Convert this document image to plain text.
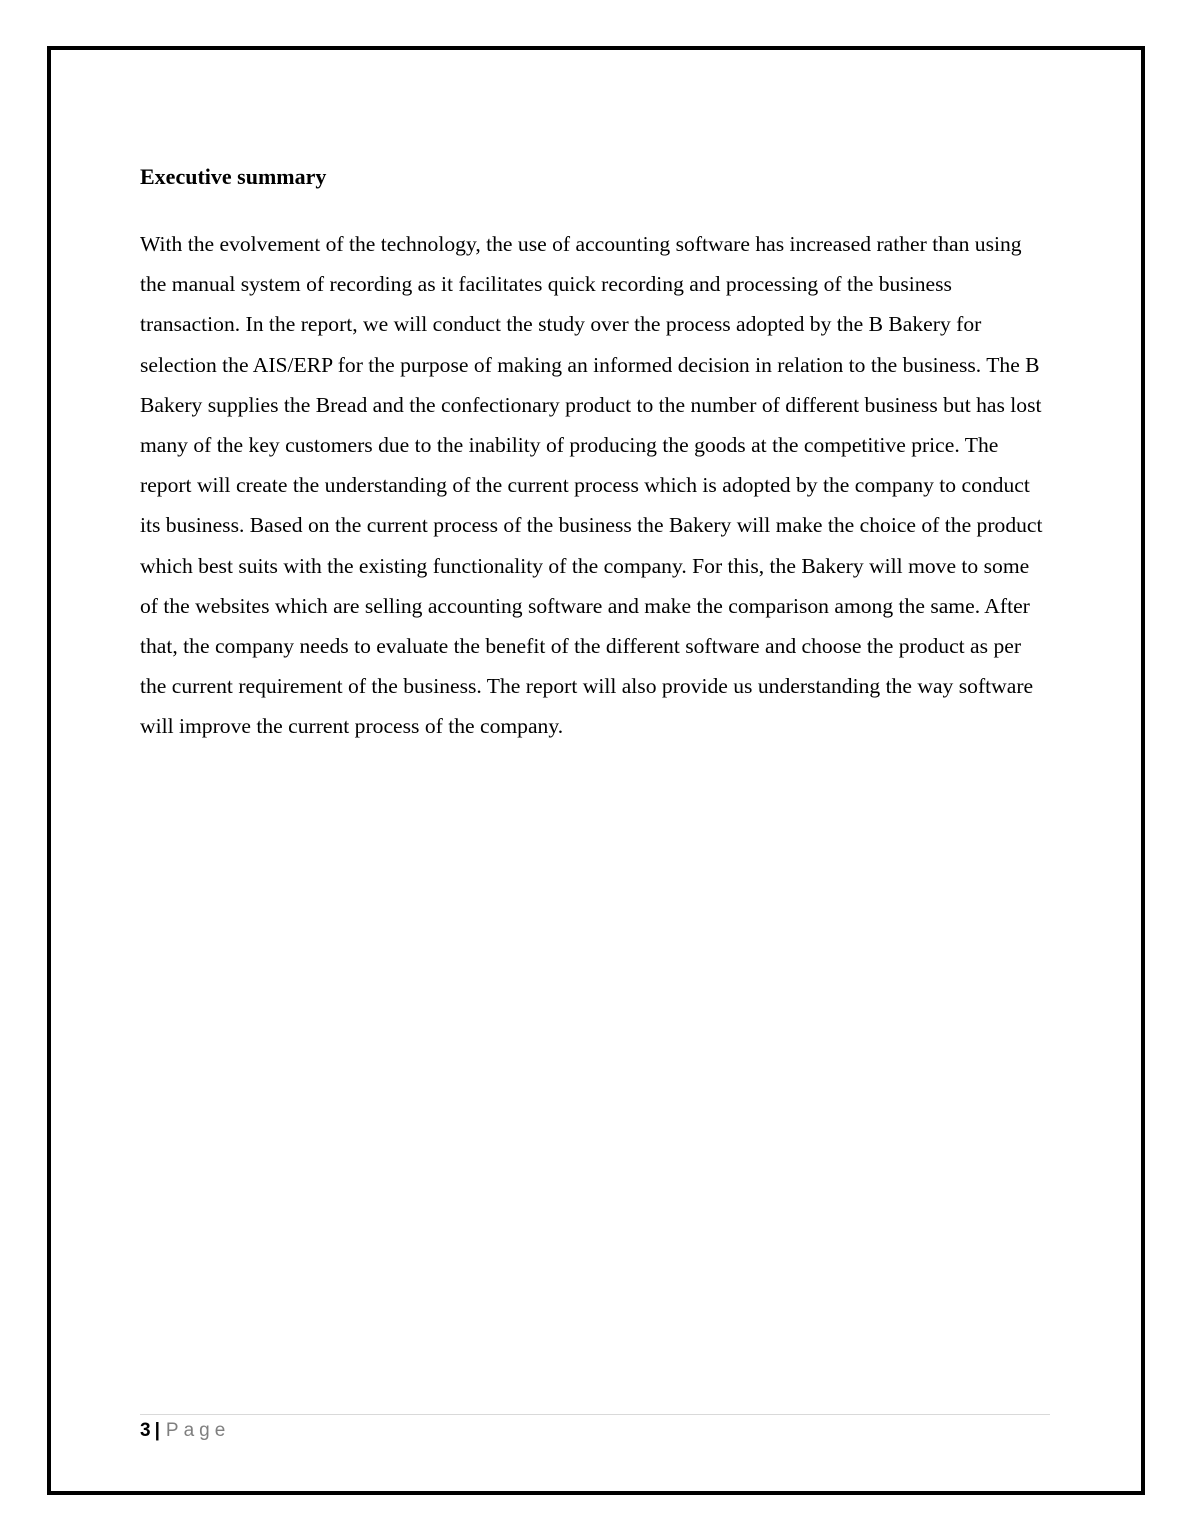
Executive summary

With the evolvement of the technology, the use of accounting software has increased rather than using the manual system of recording as it facilitates quick recording and processing of the business transaction. In the report, we will conduct the study over the process adopted by the B Bakery for selection the AIS/ERP for the purpose of making an informed decision in relation to the business. The B Bakery supplies the Bread and the confectionary product to the number of different business but has lost many of the key customers due to the inability of producing the goods at the competitive price. The report will create the understanding of the current process which is adopted by the company to conduct its business. Based on the current process of the business the Bakery will make the choice of the product which best suits with the existing functionality of the company. For this, the Bakery will move to some of the websites which are selling accounting software and make the comparison among the same. After that, the company needs to evaluate the benefit of the different software and choose the product as per the current requirement of the business. The report will also provide us understanding the way software will improve the current process of the company.

3 | Page
